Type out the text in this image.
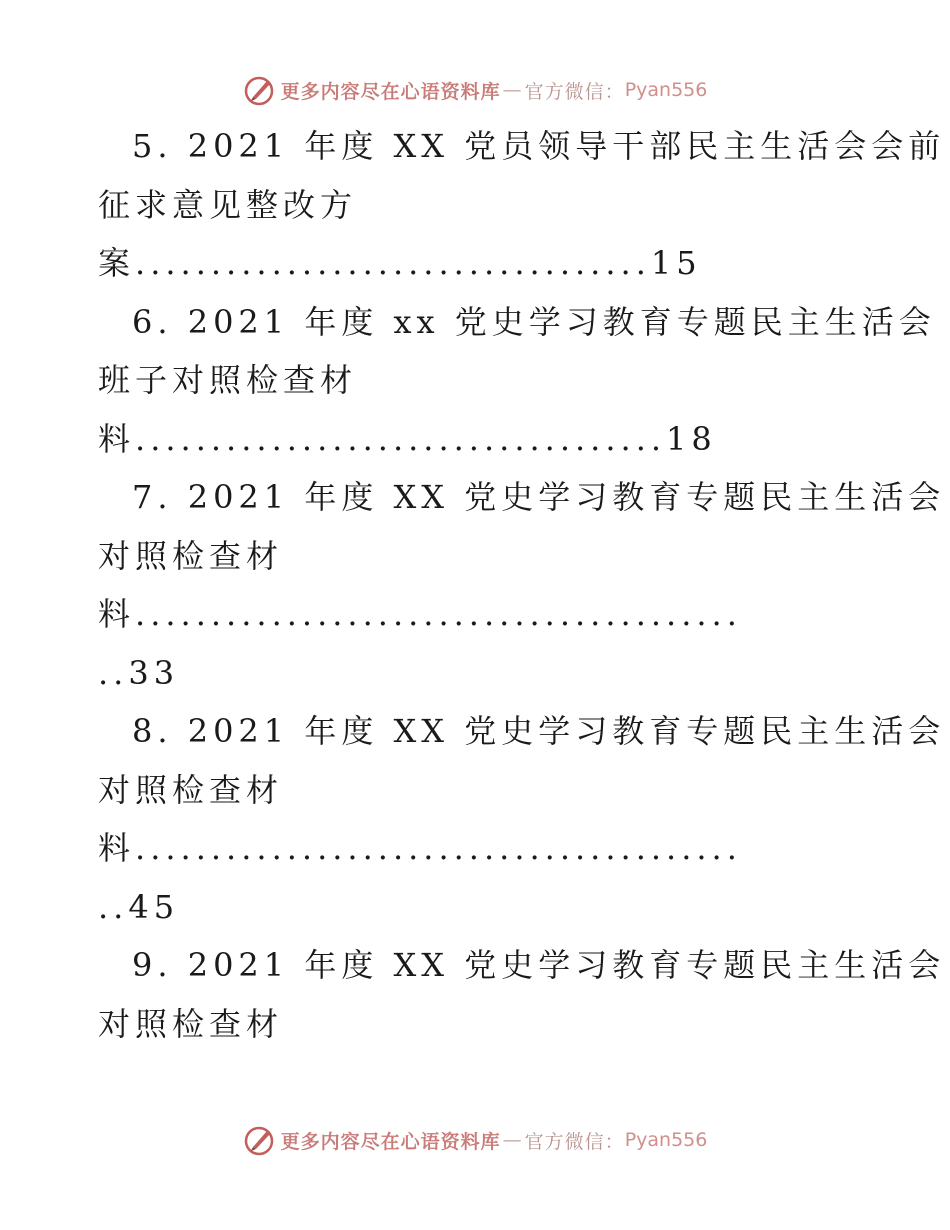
更多内容尽在心语资料库 — 官方微信： Pyan556
5. 2021 年度 XX 党员领导干部民主生活会会前
征求意见整改方
案..................................15
6. 2021 年度 xx 党史学习教育专题民主生活会
班子对照检查材
料...................................18
7. 2021 年度 XX 党史学习教育专题民主生活会
对照检查材
料........................................
..33
8. 2021 年度 XX 党史学习教育专题民主生活会
对照检查材
料........................................
..45
9. 2021 年度 XX 党史学习教育专题民主生活会
对照检查材
更多内容尽在心语资料库 — 官方微信： Pyan556
